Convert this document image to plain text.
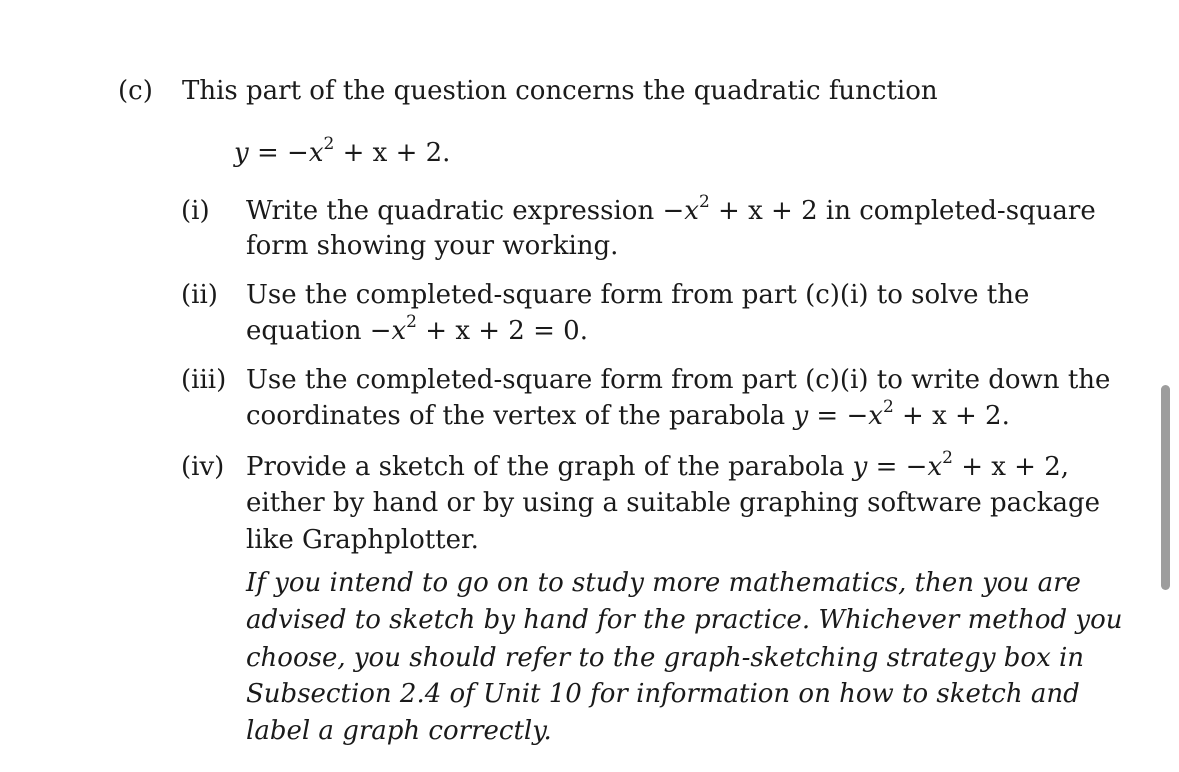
(c) This part of the question concerns the quadratic function
$y = -x^2 + x + 2$.
(i) Write the quadratic expression $-x^2 + x + 2$ in completed-square
form showing your working.
(ii) Use the completed-square form from part (c)(i) to solve the
equation $-x^2 + x + 2 = 0$.
(iii) Use the completed-square form from part (c)(i) to write down the
coordinates of the vertex of the parabola $y = -x^2 + x + 2$.
(iv) Provide a sketch of the graph of the parabola $y = -x^2 + x + 2$,
either by hand or by using a suitable graphing software package
like Graphplotter.
If you intend to go on to study more mathematics, then you are
advised to sketch by hand for the practice. Whichever method you
choose, you should refer to the graph-sketching strategy box in
Subsection 2.4 of Unit 10 for information on how to sketch and
label a graph correctly.
